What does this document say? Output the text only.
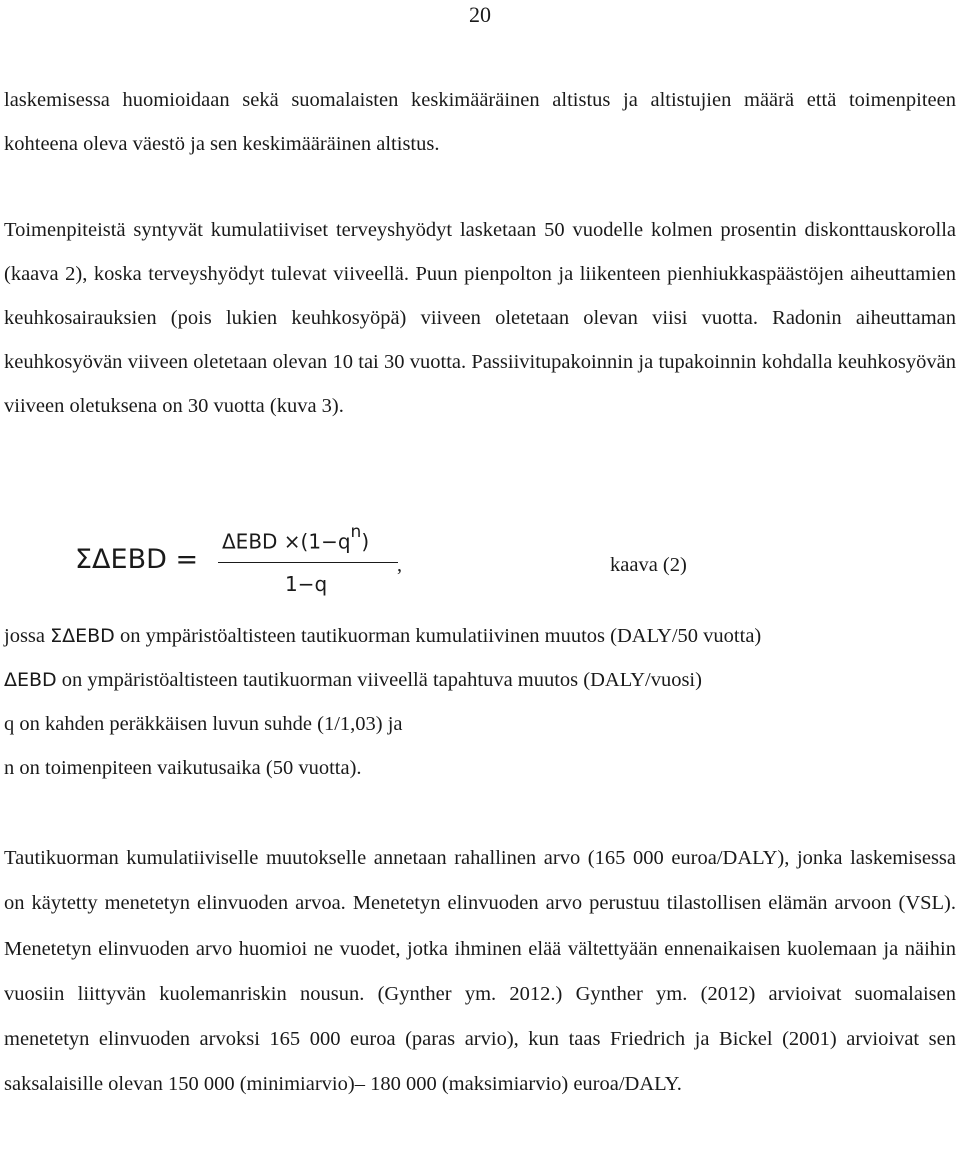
20

laskemisessa huomioidaan sekä suomalaisten keskimääräinen altistus ja altistujien määrä että toimenpiteen kohteena oleva väestö ja sen keskimääräinen altistus.

Toimenpiteistä syntyvät kumulatiiviset terveyshyödyt lasketaan 50 vuodelle kolmen prosentin diskonttauskorolla (kaava 2), koska terveyshyödyt tulevat viiveellä. Puun pienpolton ja liikenteen pienhiukkaspäästöjen aiheuttamien keuhkosairauksien (pois lukien keuhkosyöpä) viiveen oletetaan olevan viisi vuotta. Radonin aiheuttaman keuhkosyövän viiveen oletetaan olevan 10 tai 30 vuotta. Passiivitupakoinnin ja tupakoinnin kohdalla keuhkosyövän viiveen oletuksena on 30 vuotta (kuva 3).

ΣΔEBD =
$\Delta EBD \times(1-q^n)$
1−q
,	kaava (2)
jossa ΣΔEBD on ympäristöaltisteen tautikuorman kumulatiivinen muutos (DALY/50 vuotta)
ΔEBD on ympäristöaltisteen tautikuorman viiveellä tapahtuva muutos (DALY/vuosi)
q on kahden peräkkäisen luvun suhde (1/1,03) ja
n on toimenpiteen vaikutusaika (50 vuotta).

Tautikuorman kumulatiiviselle muutokselle annetaan rahallinen arvo (165 000 euroa/DALY), jonka laskemisessa on käytetty menetetyn elinvuoden arvoa. Menetetyn elinvuoden arvo perustuu tilastollisen elämän arvoon (VSL). Menetetyn elinvuoden arvo huomioi ne vuodet, jotka ihminen elää vältettyään ennenaikaisen kuolemaan ja näihin vuosiin liittyvän kuolemanriskin nousun. (Gynther ym. 2012.) Gynther ym. (2012) arvioivat suomalaisen menetetyn elinvuoden arvoksi 165 000 euroa (paras arvio), kun taas Friedrich ja Bickel (2001) arvioivat sen saksalaisille olevan 150 000 (minimiarvio)– 180 000 (maksimiarvio) euroa/DALY.
